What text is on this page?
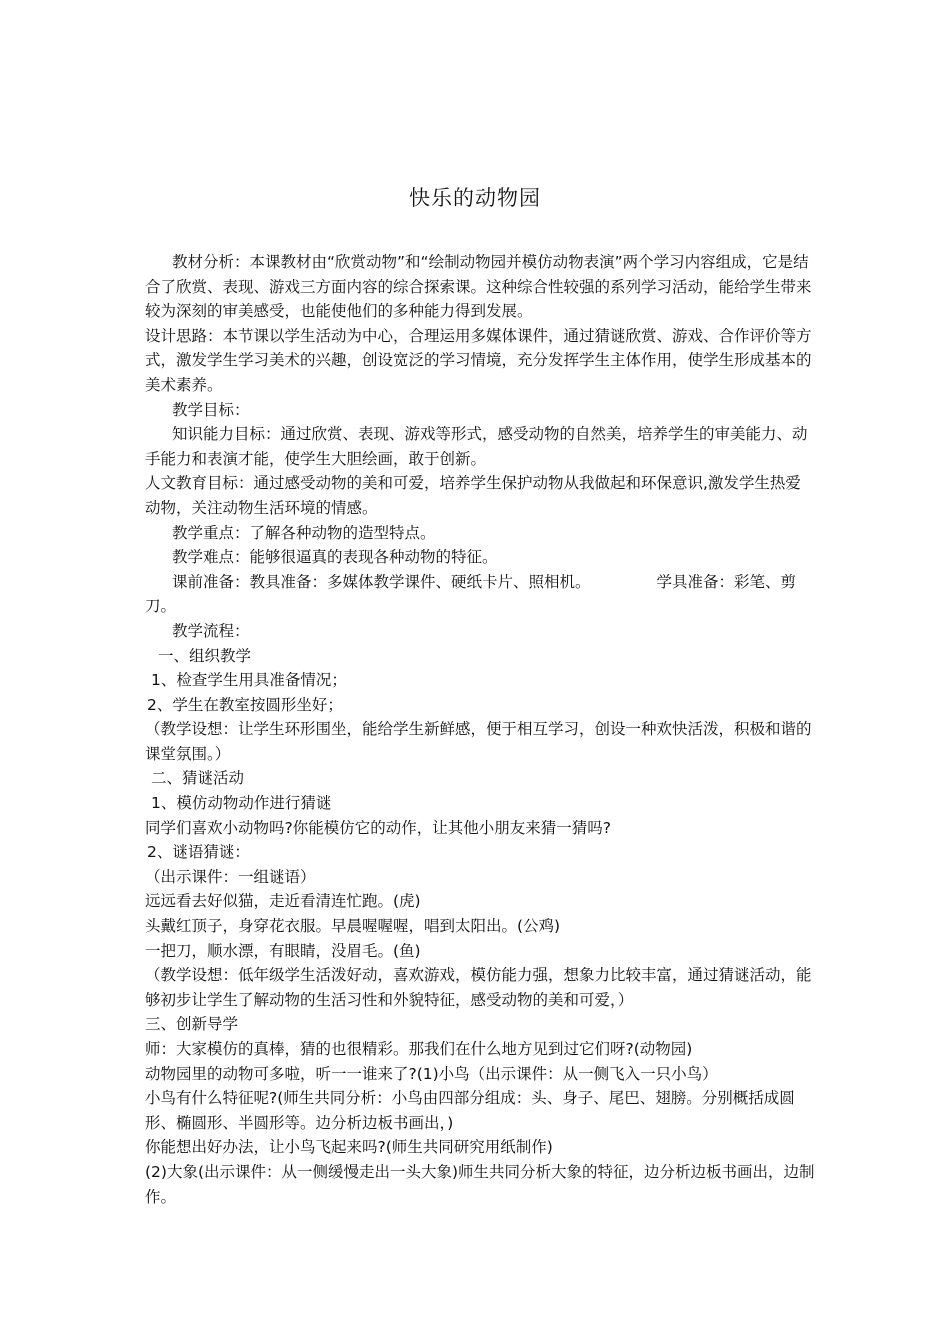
快乐的动物园

教材分析：本课教材由“欣赏动物”和“绘制动物园并模仿动物表演”两个学习内容组成，它是结合了欣赏、表现、游戏三方面内容的综合探索课。这种综合性较强的系列学习活动，能给学生带来较为深刻的审美感受，也能使他们的多种能力得到发展。

设计思路：本节课以学生活动为中心，合理运用多媒体课件，通过猜谜欣赏、游戏、合作评价等方式，激发学生学习美术的兴趣，创设宽泛的学习情境，充分发挥学生主体作用，使学生形成基本的美术素养。

教学目标：

知识能力目标：通过欣赏、表现、游戏等形式，感受动物的自然美，培养学生的审美能力、动手能力和表演才能，使学生大胆绘画，敢于创新。

人文教育目标：通过感受动物的美和可爱，培养学生保护动物从我做起和环保意识,激发学生热爱动物，关注动物生活环境的情感。

教学重点：了解各种动物的造型特点。

教学难点：能够很逼真的表现各种动物的特征。

课前准备：教具准备：多媒体教学课件、硬纸卡片、照相机。	学具准备：彩笔、剪刀。

教学流程：

一、组织教学

1、检查学生用具准备情况；

2、学生在教室按圆形坐好；

（教学设想：让学生环形围坐，能给学生新鲜感，便于相互学习，创设一种欢快活泼，积极和谐的课堂氛围。）

二、猜谜活动

1、模仿动物动作进行猜谜

同学们喜欢小动物吗?你能模仿它的动作，让其他小朋友来猜一猜吗?

2、谜语猜谜：

（出示课件：一组谜语）

远远看去好似猫，走近看清连忙跑。(虎)

头戴红顶子，身穿花衣服。早晨喔喔喔，唱到太阳出。(公鸡)

一把刀，顺水漂，有眼睛，没眉毛。(鱼)

（教学设想：低年级学生活泼好动，喜欢游戏，模仿能力强，想象力比较丰富，通过猜谜活动，能够初步让学生了解动物的生活习性和外貌特征，感受动物的美和可爱，）

三、创新导学

师：大家模仿的真棒，猜的也很精彩。那我们在什么地方见到过它们呀?(动物园)

动物园里的动物可多啦，听一一谁来了?(1)小鸟（出示课件：从一侧飞入一只小鸟）

小鸟有什么特征呢?(师生共同分析：小鸟由四部分组成：头、身子、尾巴、翅膀。分别概括成圆形、椭圆形、半圆形等。边分析边板书画出，)

你能想出好办法，让小鸟飞起来吗?(师生共同研究用纸制作)

(2)大象(出示课件：从一侧缓慢走出一头大象)师生共同分析大象的特征，边分析边板书画出，边制作。
